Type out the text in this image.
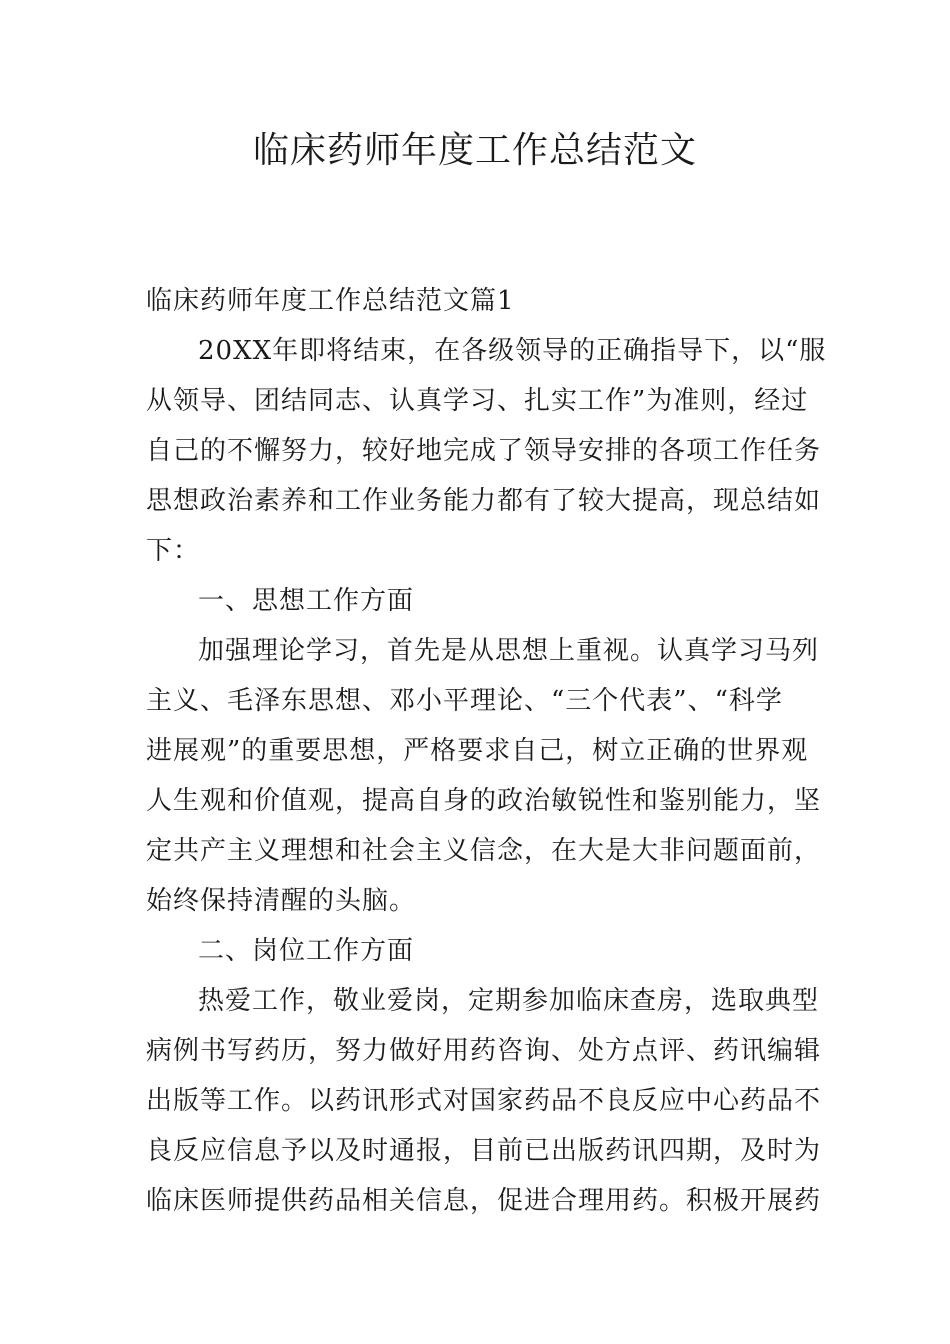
临床药师年度工作总结范文
临床药师年度工作总结范文篇1
20XX年即将结束，在各级领导的正确指导下，以“服
从领导、团结同志、认真学习、扎实工作”为准则，经过
自己的不懈努力，较好地完成了领导安排的各项工作任务
思想政治素养和工作业务能力都有了较大提高，现总结如
下：
一、思想工作方面
加强理论学习，首先是从思想上重视。认真学习马列
主义、毛泽东思想、邓小平理论、“三个代表”、“科学
进展观”的重要思想，严格要求自己，树立正确的世界观
人生观和价值观，提高自身的政治敏锐性和鉴别能力，坚
定共产主义理想和社会主义信念，在大是大非问题面前，
始终保持清醒的头脑。
二、岗位工作方面
热爱工作，敬业爱岗，定期参加临床查房，选取典型
病例书写药历，努力做好用药咨询、处方点评、药讯编辑
出版等工作。以药讯形式对国家药品不良反应中心药品不
良反应信息予以及时通报，目前已出版药讯四期，及时为
临床医师提供药品相关信息，促进合理用药。积极开展药
